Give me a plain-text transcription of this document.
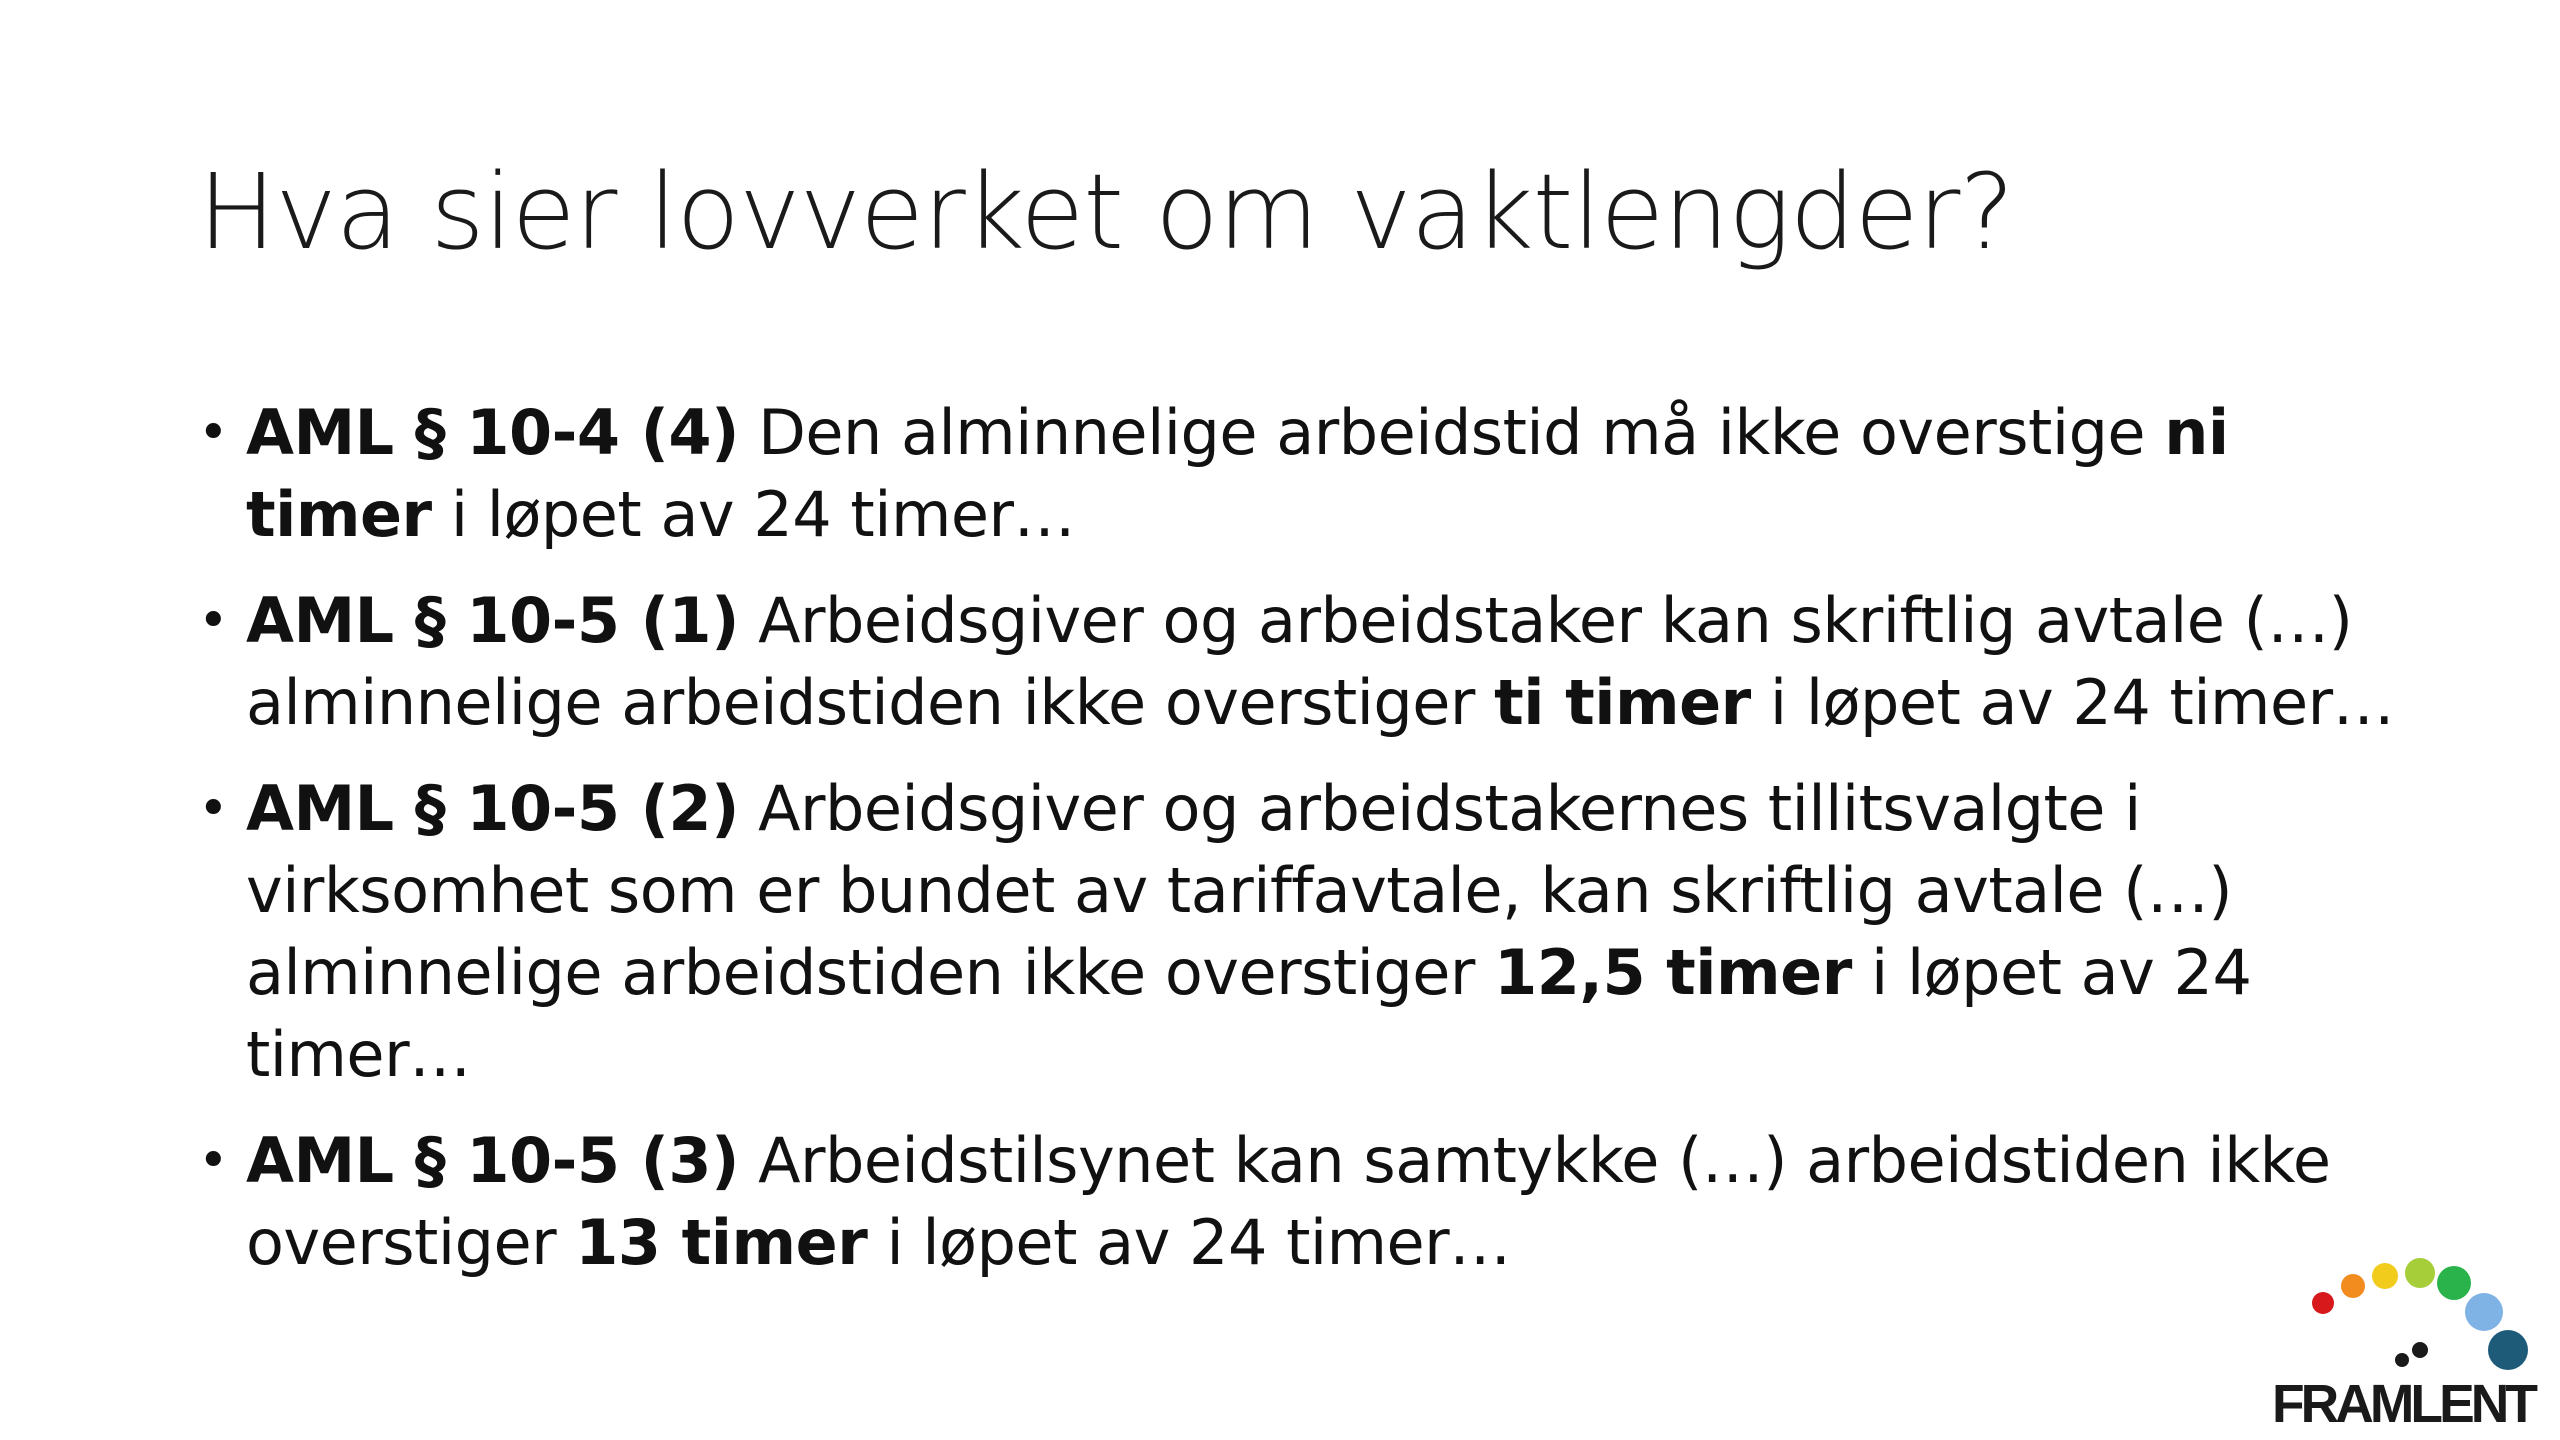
Hva sier lovverket om vaktlengder?
• AML § 10-4 (4) Den alminnelige arbeidstid må ikke overstige ni timer i løpet av 24 timer…
• AML § 10-5 (1) Arbeidsgiver og arbeidstaker kan skriftlig avtale (…) alminnelige arbeidstiden ikke overstiger ti timer i løpet av 24 timer…
• AML § 10-5 (2) Arbeidsgiver og arbeidstakernes tillitsvalgte i virksomhet som er bundet av tariffavtale, kan skriftlig avtale (…) alminnelige arbeidstiden ikke overstiger 12,5 timer i løpet av 24 timer…
• AML § 10-5 (3) Arbeidstilsynet kan samtykke (…) arbeidstiden ikke overstiger 13 timer i løpet av 24 timer…
FRAMLENT
